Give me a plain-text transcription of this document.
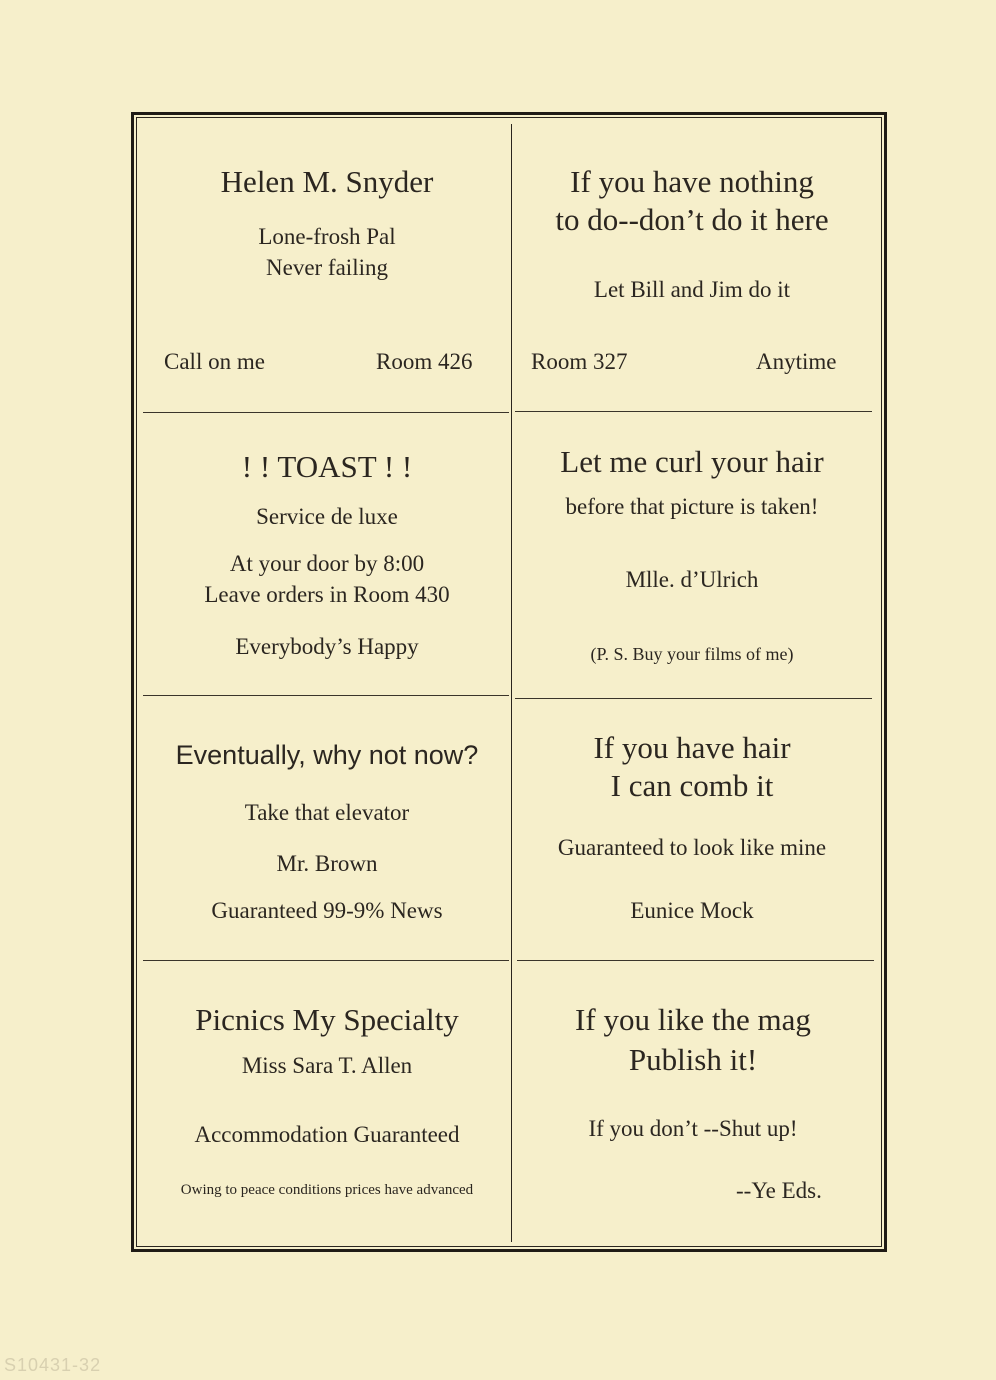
Helen M. Snyder
Lone-frosh Pal
Never failing
Call on me	Room 426
If you have nothing
to do--don’t do it here
Let Bill and Jim do it
Room 327	Anytime
! ! TOAST ! !
Service de luxe
At your door by 8:00
Leave orders in Room 430
Everybody’s Happy
Let me curl your hair
before that picture is taken!
Mlle. d’Ulrich
(P. S. Buy your films of me)
Eventually, why not now?
Take that elevator
Mr. Brown
Guaranteed 99-9% News
If you have hair
I can comb it
Guaranteed to look like mine
Eunice Mock
Picnics My Specialty
Miss Sara T. Allen
Accommodation Guaranteed
Owing to peace conditions prices have advanced
If you like the mag
Publish it!
If you don’t --Shut up!
--Ye Eds.
S10431-32
